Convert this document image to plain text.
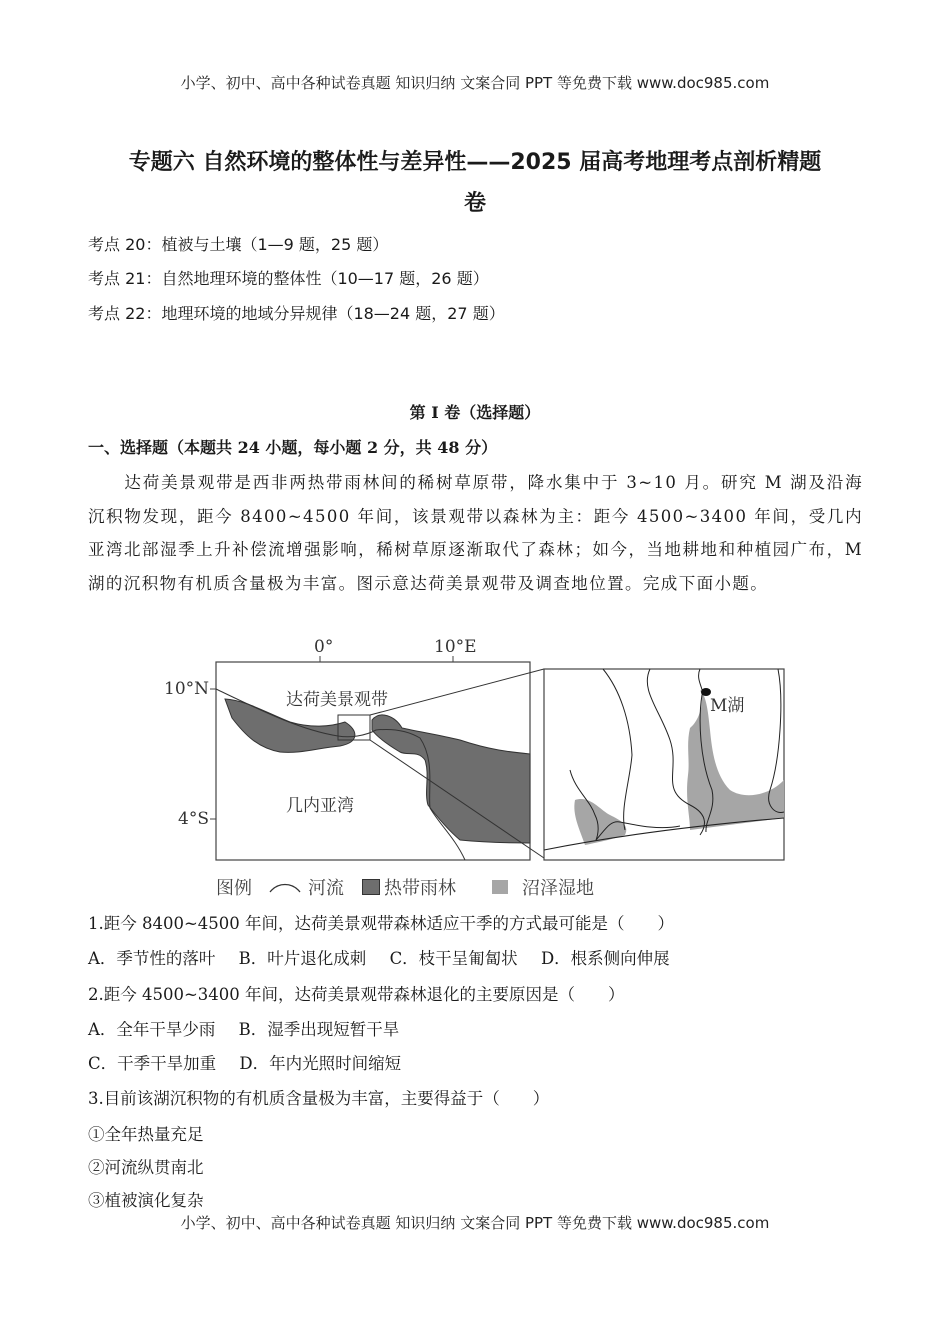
小学、初中、高中各种试卷真题 知识归纳 文案合同 PPT 等免费下载 www.doc985.com
专题六 自然环境的整体性与差异性——2025 届高考地理考点剖析精题
卷
考点 20：植被与土壤（1—9 题，25 题）
考点 21：自然地理环境的整体性（10—17 题，26 题）
考点 22：地理环境的地域分异规律（18—24 题，27 题）
第 I 卷（选择题）
一、选择题（本题共 24 小题，每小题 2 分，共 48 分）
达荷美景观带是西非两热带雨林间的稀树草原带，降水集中于 3~10 月。研究 M 湖及沿海沉积物发现，距今 8400~4500 年间，该景观带以森林为主：距今 4500~3400 年间，受几内亚湾北部湿季上升补偿流增强影响，稀树草原逐渐取代了森林；如今，当地耕地和种植园广布，M 湖的沉积物有机质含量极为丰富。图示意达荷美景观带及调查地位置。完成下面小题。
0°	10°E
10°N
4°S
达荷美景观带
几内亚湾
M湖
图例	河流 热带雨林	沼泽湿地
1.距今 8400~4500 年间，达荷美景观带森林适应干季的方式最可能是（　　）
A．季节性的落叶 B．叶片退化成刺 C．枝干呈匍匐状 D．根系侧向伸展
2.距今 4500~3400 年间，达荷美景观带森林退化的主要原因是（　　）
A．全年干旱少雨 B．湿季出现短暂干旱
C．干季干旱加重 D．年内光照时间缩短
3.目前该湖沉积物的有机质含量极为丰富，主要得益于（　　）
①全年热量充足
②河流纵贯南北
③植被演化复杂
小学、初中、高中各种试卷真题 知识归纳 文案合同 PPT 等免费下载 www.doc985.com
